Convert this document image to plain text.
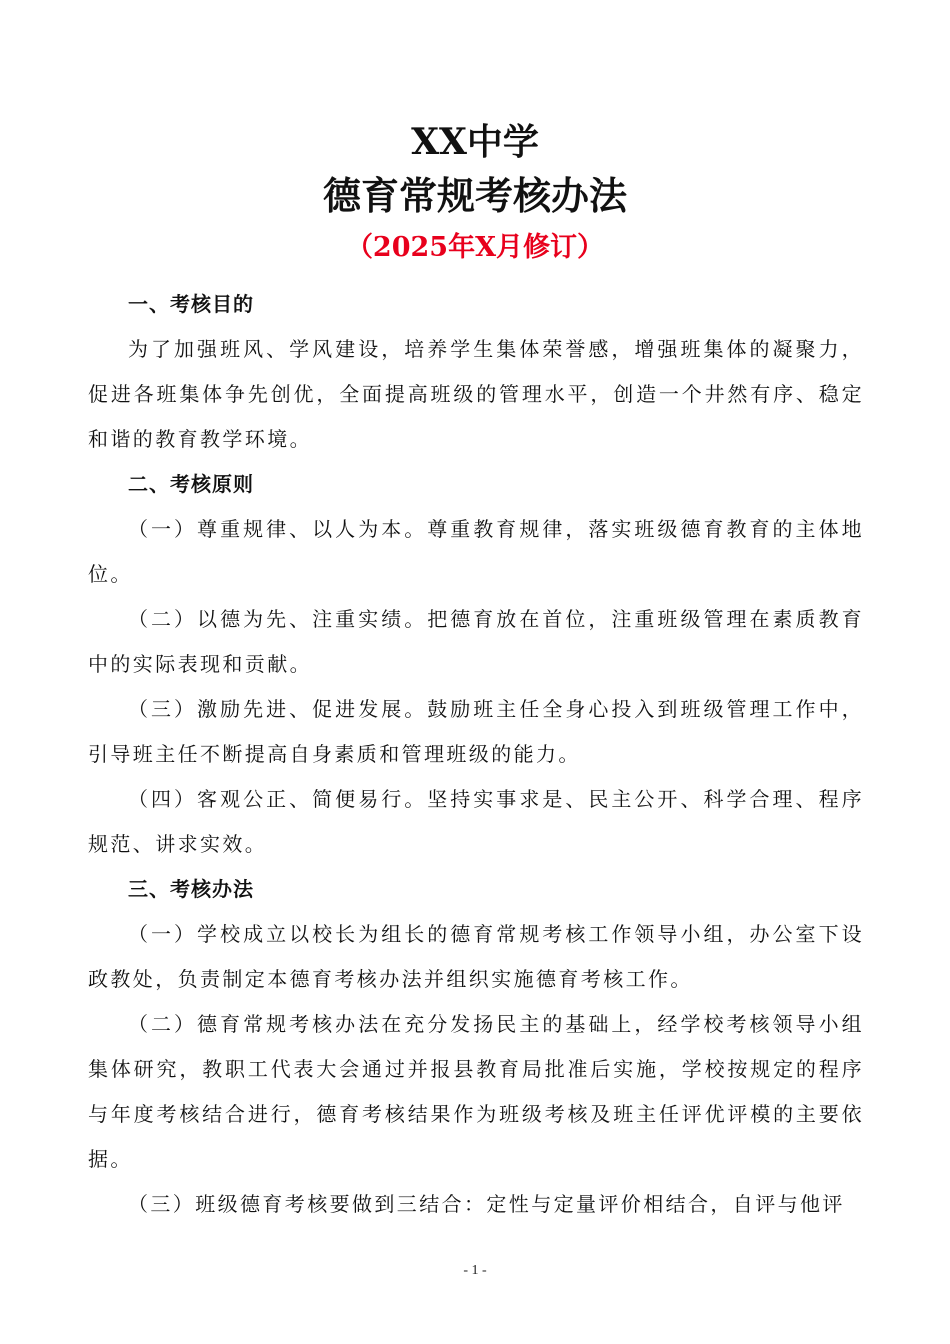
XX中学
德育常规考核办法
（2025年X月修订）
一、考核目的

为了加强班风、学风建设，培养学生集体荣誉感，增强班集体的凝聚力，促进各班集体争先创优，全面提高班级的管理水平，创造一个井然有序、稳定和谐的教育教学环境。

二、考核原则

（一）尊重规律、以人为本。尊重教育规律，落实班级德育教育的主体地位。

（二）以德为先、注重实绩。把德育放在首位，注重班级管理在素质教育中的实际表现和贡献。

（三）激励先进、促进发展。鼓励班主任全身心投入到班级管理工作中，引导班主任不断提高自身素质和管理班级的能力。

（四）客观公正、简便易行。坚持实事求是、民主公开、科学合理、程序规范、讲求实效。

三、考核办法

（一）学校成立以校长为组长的德育常规考核工作领导小组，办公室下设政教处，负责制定本德育考核办法并组织实施德育考核工作。

（二）德育常规考核办法在充分发扬民主的基础上，经学校考核领导小组集体研究，教职工代表大会通过并报县教育局批准后实施，学校按规定的程序与年度考核结合进行，德育考核结果作为班级考核及班主任评优评模的主要依据。

（三）班级德育考核要做到三结合：定性与定量评价相结合，自评与他评

- 1 -
